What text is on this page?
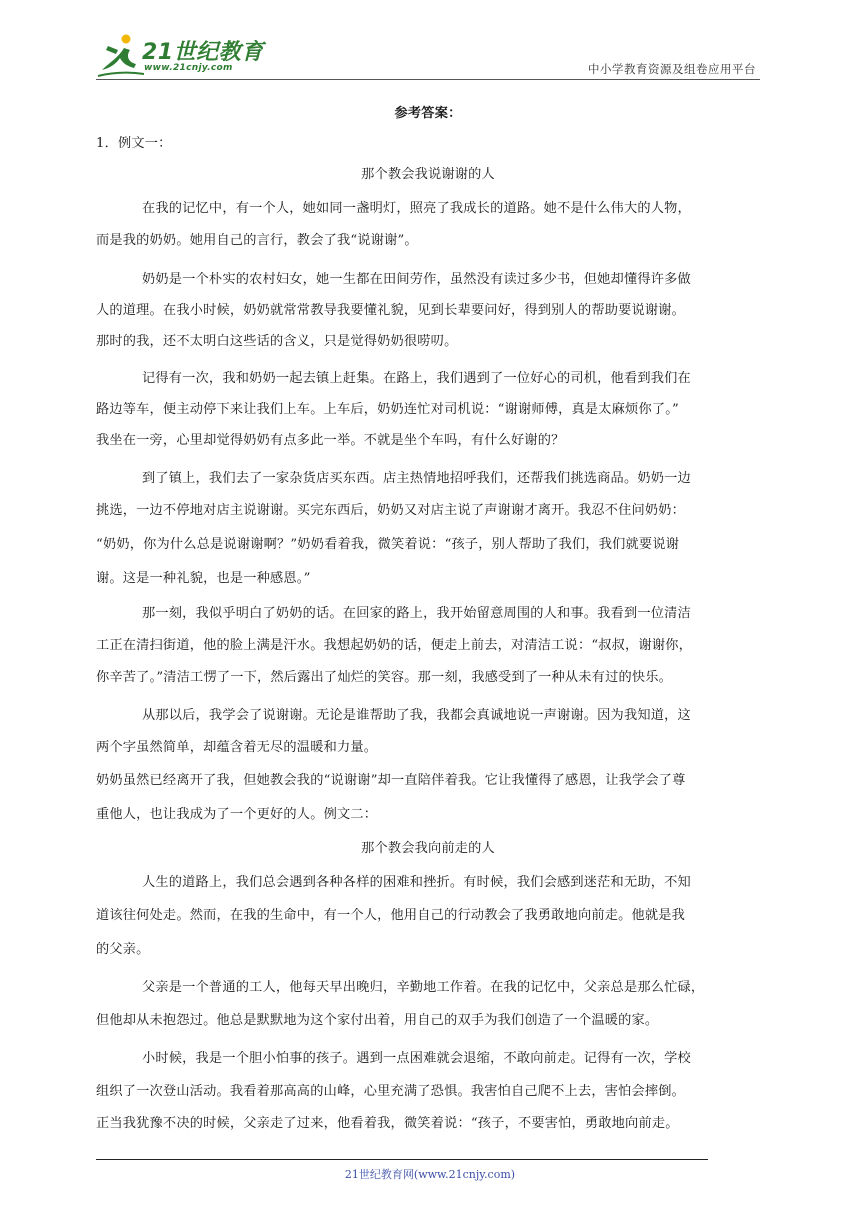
21世纪教育
www.21cnjy.com	中小学教育资源及组卷应用平台
参考答案：
1．例文一：
那个教会我说谢谢的人
在我的记忆中，有一个人，她如同一盏明灯，照亮了我成长的道路。她不是什么伟大的人物，
而是我的奶奶。她用自己的言行，教会了我“说谢谢”。
奶奶是一个朴实的农村妇女，她一生都在田间劳作，虽然没有读过多少书，但她却懂得许多做
人的道理。在我小时候，奶奶就常常教导我要懂礼貌，见到长辈要问好，得到别人的帮助要说谢谢。
那时的我，还不太明白这些话的含义，只是觉得奶奶很唠叨。
记得有一次，我和奶奶一起去镇上赶集。在路上，我们遇到了一位好心的司机，他看到我们在
路边等车，便主动停下来让我们上车。上车后，奶奶连忙对司机说：“谢谢师傅，真是太麻烦你了。”
我坐在一旁，心里却觉得奶奶有点多此一举。不就是坐个车吗，有什么好谢的？
到了镇上，我们去了一家杂货店买东西。店主热情地招呼我们，还帮我们挑选商品。奶奶一边
挑选，一边不停地对店主说谢谢。买完东西后，奶奶又对店主说了声谢谢才离开。我忍不住问奶奶：
“奶奶，你为什么总是说谢谢啊？”奶奶看着我，微笑着说：“孩子，别人帮助了我们，我们就要说谢
谢。这是一种礼貌，也是一种感恩。”
那一刻，我似乎明白了奶奶的话。在回家的路上，我开始留意周围的人和事。我看到一位清洁
工正在清扫街道，他的脸上满是汗水。我想起奶奶的话，便走上前去，对清洁工说：“叔叔，谢谢你，
你辛苦了。”清洁工愣了一下，然后露出了灿烂的笑容。那一刻，我感受到了一种从未有过的快乐。
从那以后，我学会了说谢谢。无论是谁帮助了我，我都会真诚地说一声谢谢。因为我知道，这
两个字虽然简单，却蕴含着无尽的温暖和力量。
奶奶虽然已经离开了我，但她教会我的“说谢谢”却一直陪伴着我。它让我懂得了感恩，让我学会了尊
重他人，也让我成为了一个更好的人。例文二：
那个教会我向前走的人
人生的道路上，我们总会遇到各种各样的困难和挫折。有时候，我们会感到迷茫和无助，不知
道该往何处走。然而，在我的生命中，有一个人，他用自己的行动教会了我勇敢地向前走。他就是我
的父亲。
父亲是一个普通的工人，他每天早出晚归，辛勤地工作着。在我的记忆中，父亲总是那么忙碌，
但他却从未抱怨过。他总是默默地为这个家付出着，用自己的双手为我们创造了一个温暖的家。
小时候，我是一个胆小怕事的孩子。遇到一点困难就会退缩，不敢向前走。记得有一次，学校
组织了一次登山活动。我看着那高高的山峰，心里充满了恐惧。我害怕自己爬不上去，害怕会摔倒。
正当我犹豫不决的时候，父亲走了过来，他看着我，微笑着说：“孩子，不要害怕，勇敢地向前走。
21世纪教育网(www.21cnjy.com)
